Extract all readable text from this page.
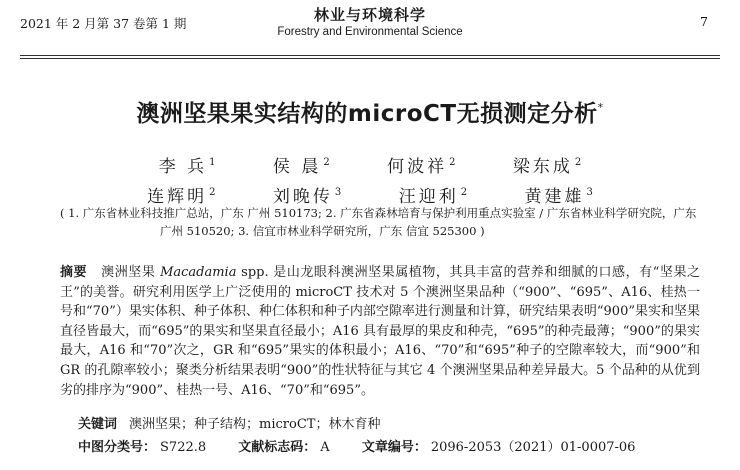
2021 年 2 月第 37 卷第 1 期	林业与环境科学
Forestry and Environmental Science
7
澳洲坚果果实结构的microCT无损测定分析*
李 兵 $^1$	侯 晨 $^2$	何波祥 $^2$	梁东成 $^2$
连辉明 $^2$	刘晚传 $^3$	汪迎利 $^2$	黄建雄 $^3$
( 1. 广东省林业科技推广总站，广东 广州 510173; 2. 广东省森林培育与保护利用重点实验室 / 广东省林业科学研究院，广东
广州 510520; 3. 信宜市林业科学研究所，广东 信宜 525300 )
摘要 澳洲坚果 Macadamia spp. 是山龙眼科澳洲坚果属植物，其具丰富的营养和细腻的口感，有“坚果之王”的美誉。研究利用医学上广泛使用的 microCT 技术对 5 个澳洲坚果品种（“900”、“695”、A16、桂热一号和“70”）果实体积、种子体积、种仁体积和种子内部空隙率进行测量和计算，研究结果表明“900”果实和坚果直径皆最大，而“695”的果实和坚果直径最小；A16 具有最厚的果皮和种壳，“695”的种壳最薄；“900”的果实最大，A16 和“70”次之，GR 和“695”果实的体积最小；A16、“70”和“695”种子的空隙率较大，而“900”和 GR 的孔隙率较小；聚类分析结果表明“900”的性状特征与其它 4 个澳洲坚果品种差异最大。5 个品种的从优到劣的排序为“900”、桂热一号、A16、“70”和“695”。
关键词 澳洲坚果；种子结构；microCT；林木育种
中图分类号： S722.8 文献标志码： A 文章编号： 2096-2053（2021）01-0007-06
